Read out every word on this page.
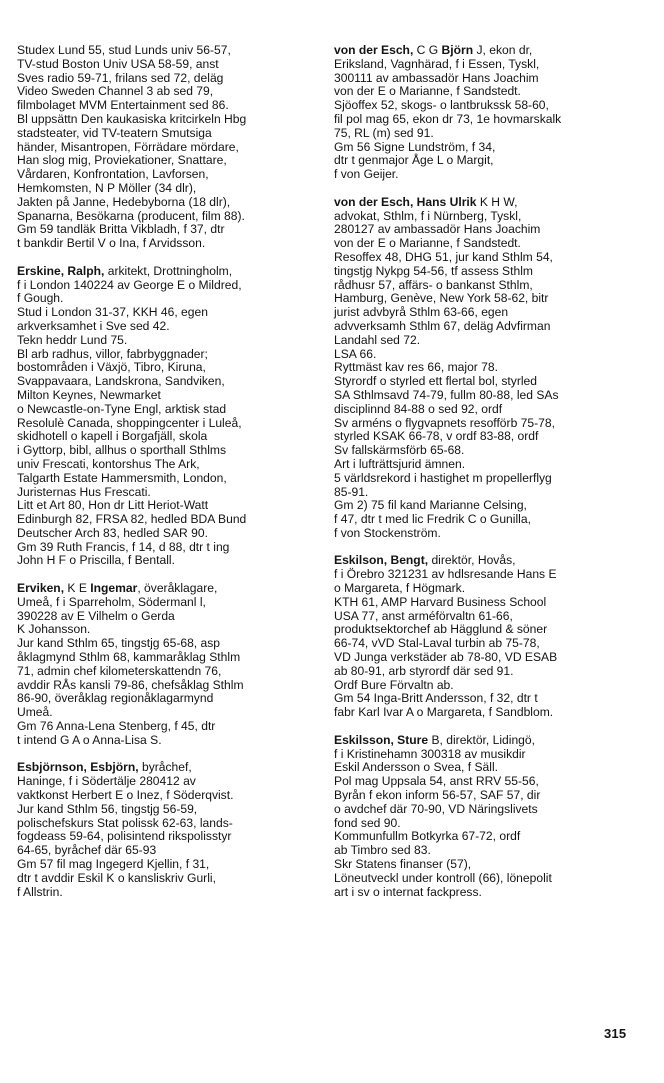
Studex Lund 55, stud Lunds univ 56-57,
TV-stud Boston Univ USA 58-59, anst
Sves radio 59-71, frilans sed 72, deläg
Video Sweden Channel 3 ab sed 79,
filmbolaget MVM Entertainment sed 86.
Bl uppsättn Den kaukasiska kritcirkeln Hbg
stadsteater, vid TV-teatern Smutsiga
händer, Misantropen, Förrädare mördare,
Han slog mig, Proviekationer, Snattare,
Vårdaren, Konfrontation, Lavforsen,
Hemkomsten, N P Möller (34 dlr),
Jakten på Janne, Hedebyborna (18 dlr),
Spanarna, Besökarna (producent, film 88).
Gm 59 tandläk Britta Vikbladh, f 37, dtr
t bankdir Bertil V o Ina, f Arvidsson.
Erskine, Ralph, arkitekt, Drottningholm,
f i London 140224 av George E o Mildred,
f Gough.
Stud i London 31-37, KKH 46, egen
arkverksamhet i Sve sed 42.
Tekn heddr Lund 75.
Bl arb radhus, villor, fabrbyggnader;
bostområden i Växjö, Tibro, Kiruna,
Svappavaara, Landskrona, Sandviken,
Milton Keynes, Newmarket
o Newcastle-on-Tyne Engl, arktisk stad
Resolulè Canada, shoppingcenter i Luleå,
skidhotell o kapell i Borgafjäll, skola
i Gyttorp, bibl, allhus o sporthall Sthlms
univ Frescati, kontorshus The Ark,
Talgarth Estate Hammersmith, London,
Juristernas Hus Frescati.
Litt et Art 80, Hon dr Litt Heriot-Watt
Edinburgh 82, FRSA 82, hedled BDA Bund
Deutscher Arch 83, hedled SAR 90.
Gm 39 Ruth Francis, f 14, d 88, dtr t ing
John H F o Priscilla, f Bentall.
Erviken, K E Ingemar, överåklagare,
Umeå, f i Sparreholm, Södermanl l,
390228 av E Vilhelm o Gerda
K Johansson.
Jur kand Sthlm 65, tingstjg 65-68, asp
åklagmynd Sthlm 68, kammaråklag Sthlm
71, admin chef kilometerskattendn 76,
avddir RÅs kansli 79-86, chefsåklag Sthlm
86-90, överåklag regionåklagarmynd
Umeå.
Gm 76 Anna-Lena Stenberg, f 45, dtr
t intend G A o Anna-Lisa S.
Esbjörnson, Esbjörn, byråchef,
Haninge, f i Södertälje 280412 av
vaktkonst Herbert E o Inez, f Söderqvist.
Jur kand Sthlm 56, tingstjg 56-59,
polischefskurs Stat polissk 62-63, lands-
fogdeass 59-64, polisintend rikspolisstyr
64-65, byråchef där 65-93
Gm 57 fil mag Ingegerd Kjellin, f 31,
dtr t avddir Eskil K o kansliskriv Gurli,
f Allstrin.
von der Esch, C G Björn J, ekon dr,
Eriksland, Vagnhärad, f i Essen, Tyskl,
300111 av ambassadör Hans Joachim
von der E o Marianne, f Sandstedt.
Sjöoffex 52, skogs- o lantbrukssk 58-60,
fil pol mag 65, ekon dr 73, 1e hovmarskalk
75, RL (m) sed 91.
Gm 56 Signe Lundström, f 34,
dtr t genmajor Åge L o Margit,
f von Geijer.
von der Esch, Hans Ulrik K H W,
advokat, Sthlm, f i Nürnberg, Tyskl,
280127 av ambassadör Hans Joachim
von der E o Marianne, f Sandstedt.
Resoffex 48, DHG 51, jur kand Sthlm 54,
tingstjg Nykpg 54-56, tf assess Sthlm
rådhusr 57, affärs- o bankanst Sthlm,
Hamburg, Genève, New York 58-62, bitr
jurist advbyrå Sthlm 63-66, egen
advverksamh Sthlm 67, deläg Advfirman
Landahl sed 72.
LSA 66.
Ryttmäst kav res 66, major 78.
Styrordf o styrled ett flertal bol, styrled
SA Sthlmsavd 74-79, fullm 80-88, led SAs
disciplinnd 84-88 o sed 92, ordf
Sv arméns o flygvapnets resofförb 75-78,
styrled KSAK 66-78, v ordf 83-88, ordf
Sv fallskärmsförb 65-68.
Art i lufträttsjurid ämnen.
5 världsrekord i hastighet m propellerflyg
85-91.
Gm 2) 75 fil kand Marianne Celsing,
f 47, dtr t med lic Fredrik C o Gunilla,
f von Stockenström.
Eskilson, Bengt, direktör, Hovås,
f i Örebro 321231 av hdlsresande Hans E
o Margareta, f Högmark.
KTH 61, AMP Harvard Business School
USA 77, anst arméförvaltn 61-66,
produktsektorchef ab Hägglund & söner
66-74, vVD Stal-Laval turbin ab 75-78,
VD Junga verkstäder ab 78-80, VD ESAB
ab 80-91, arb styrordf där sed 91.
Ordf Bure Förvaltn ab.
Gm 54 Inga-Britt Andersson, f 32, dtr t
fabr Karl Ivar A o Margareta, f Sandblom.
Eskilsson, Sture B, direktör, Lidingö,
f i Kristinehamn 300318 av musikdir
Eskil Andersson o Svea, f Säll.
Pol mag Uppsala 54, anst RRV 55-56,
Byrån f ekon inform 56-57, SAF 57, dir
o avdchef där 70-90, VD Näringslivets
fond sed 90.
Kommunfullm Botkyrka 67-72, ordf
ab Timbro sed 83.
Skr Statens finanser (57),
Löneutveckl under kontroll (66), lönepolit
art i sv o internat fackpress.
315
